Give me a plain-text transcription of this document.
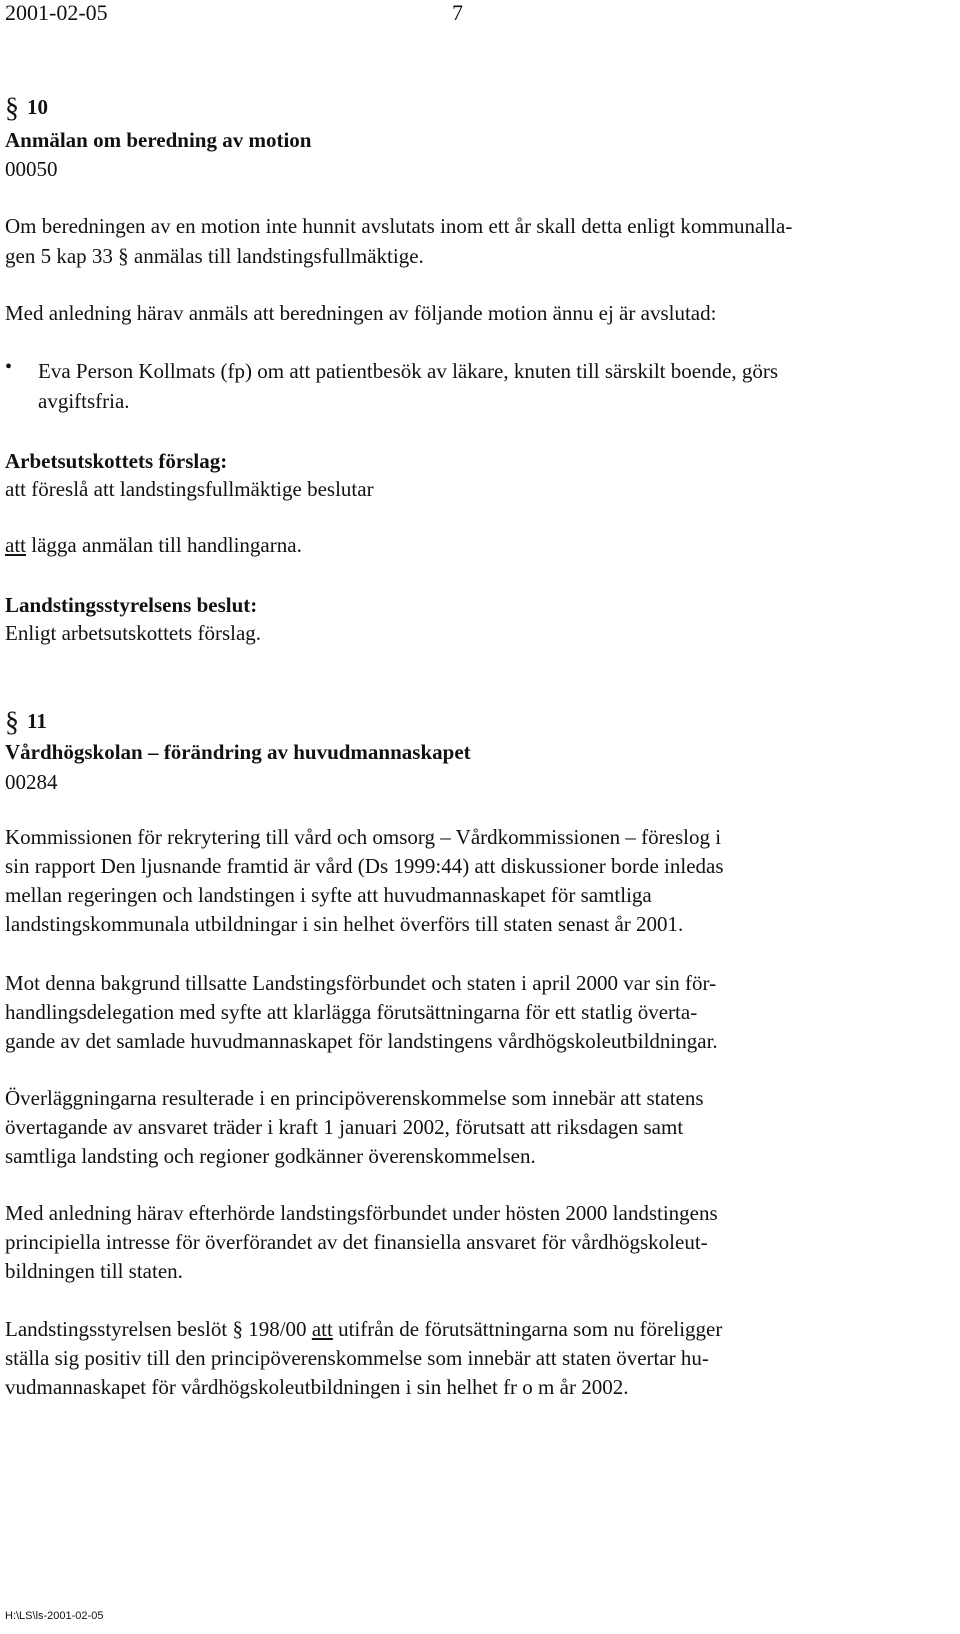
2001-02-05	7
§ 10
Anmälan om beredning av motion
00050
Om beredningen av en motion inte hunnit avslutats inom ett år skall detta enligt kommunalla-
gen 5 kap 33 § anmälas till landstingsfullmäktige.
Med anledning härav anmäls att beredningen av följande motion ännu ej är avslutad:
• Eva Person Kollmats (fp) om att patientbesök av läkare, knuten till särskilt boende, görs
avgiftsfria.
Arbetsutskottets förslag:
att föreslå att landstingsfullmäktige beslutar
att lägga anmälan till handlingarna.
Landstingsstyrelsens beslut:
Enligt arbetsutskottets förslag.
§ 11
Vårdhögskolan – förändring av huvudmannaskapet
00284
Kommissionen för rekrytering till vård och omsorg – Vårdkommissionen – föreslog i
sin rapport Den ljusnande framtid är vård (Ds 1999:44) att diskussioner borde inledas
mellan regeringen och landstingen i syfte att huvudmannaskapet för samtliga
landstingskommunala utbildningar i sin helhet överförs till staten senast år 2001.
Mot denna bakgrund tillsatte Landstingsförbundet och staten i april 2000 var sin för-
handlingsdelegation med syfte att klarlägga förutsättningarna för ett statlig överta-
gande av det samlade huvudmannaskapet för landstingens vårdhögskoleutbildningar.
Överläggningarna resulterade i en principöverenskommelse som innebär att statens
övertagande av ansvaret träder i kraft 1 januari 2002, förutsatt att riksdagen samt
samtliga landsting och regioner godkänner överenskommelsen.
Med anledning härav efterhörde landstingsförbundet under hösten 2000 landstingens
principiella intresse för överförandet av det finansiella ansvaret för vårdhögskoleut-
bildningen till staten.
Landstingsstyrelsen beslöt § 198/00 att utifrån de förutsättningarna som nu föreligger
ställa sig positiv till den principöverenskommelse som innebär att staten övertar hu-
vudmannaskapet för vårdhögskoleutbildningen i sin helhet fr o m år 2002.
H:\LS\ls-2001-02-05
